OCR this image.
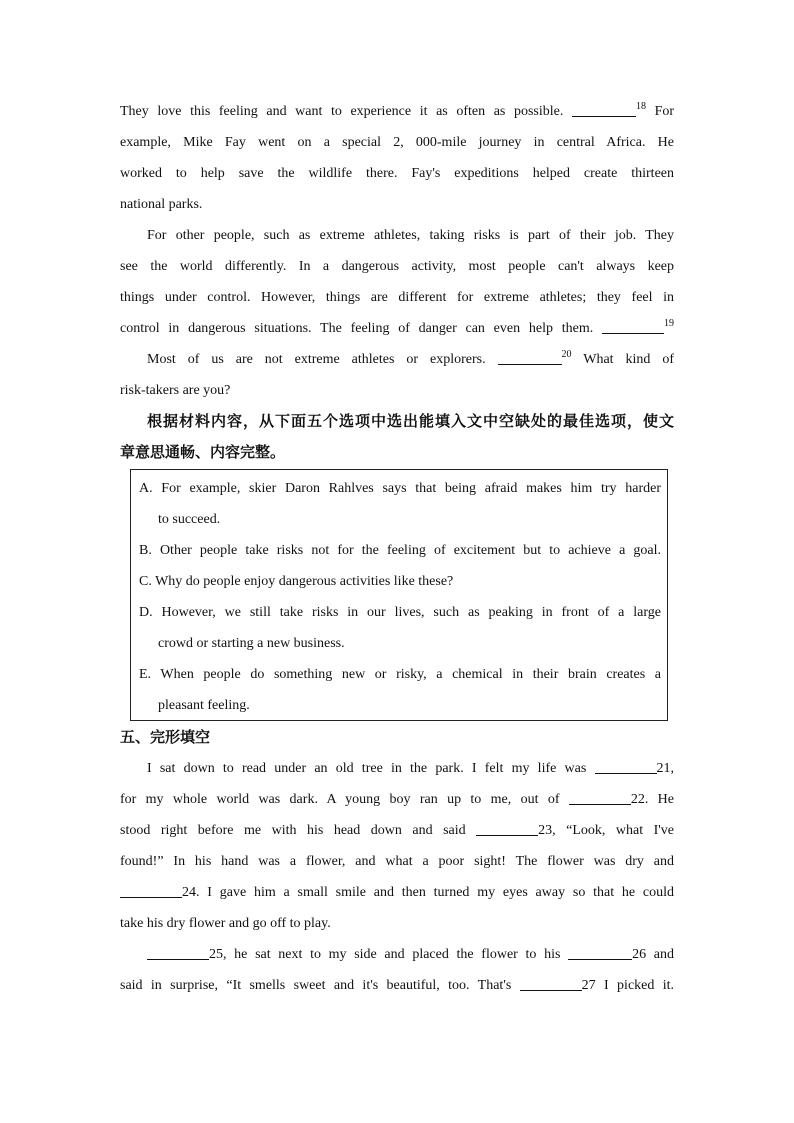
They love this feeling and want to experience it as often as possible.	$^{18}$ For
example, Mike Fay went on a special 2, 000-mile journey in central Africa. He
worked to help save the wildlife there. Fay's expeditions helped create thirteen
national parks.
For other people, such as extreme athletes, taking risks is part of their job. They
see the world differently. In a dangerous activity, most people can't always keep
things under control. However, things are different for extreme athletes; they feel in
control in dangerous situations. The feeling of danger can even help them.	$^{19}$
Most of us are not extreme athletes or explorers.	$^{20}$ What kind of
risk-takers are you?
根据材料内容，从下面五个选项中选出能填入文中空缺处的最佳选项，使文
章意思通畅、内容完整。
A. For example, skier Daron Rahlves says that being afraid makes him try harder
to succeed.
B. Other people take risks not for the feeling of excitement but to achieve a goal.
C. Why do people enjoy dangerous activities like these?
D. However, we still take risks in our lives, such as peaking in front of a large
crowd or starting a new business.
E. When people do something new or risky, a chemical in their brain creates a
pleasant feeling.
五、完形填空
I sat down to read under an old tree in the park. I felt my life was	21,
for my whole world was dark. A young boy ran up to me, out of	22. He
stood right before me with his head down and said	23, “Look, what I've
found!” In his hand was a flower, and what a poor sight! The flower was dry and
24. I gave him a small smile and then turned my eyes away so that he could
take his dry flower and go off to play.
25, he sat next to my side and placed the flower to his	26 and
said in surprise, “It smells sweet and it's beautiful, too. That's	27 I picked it.
